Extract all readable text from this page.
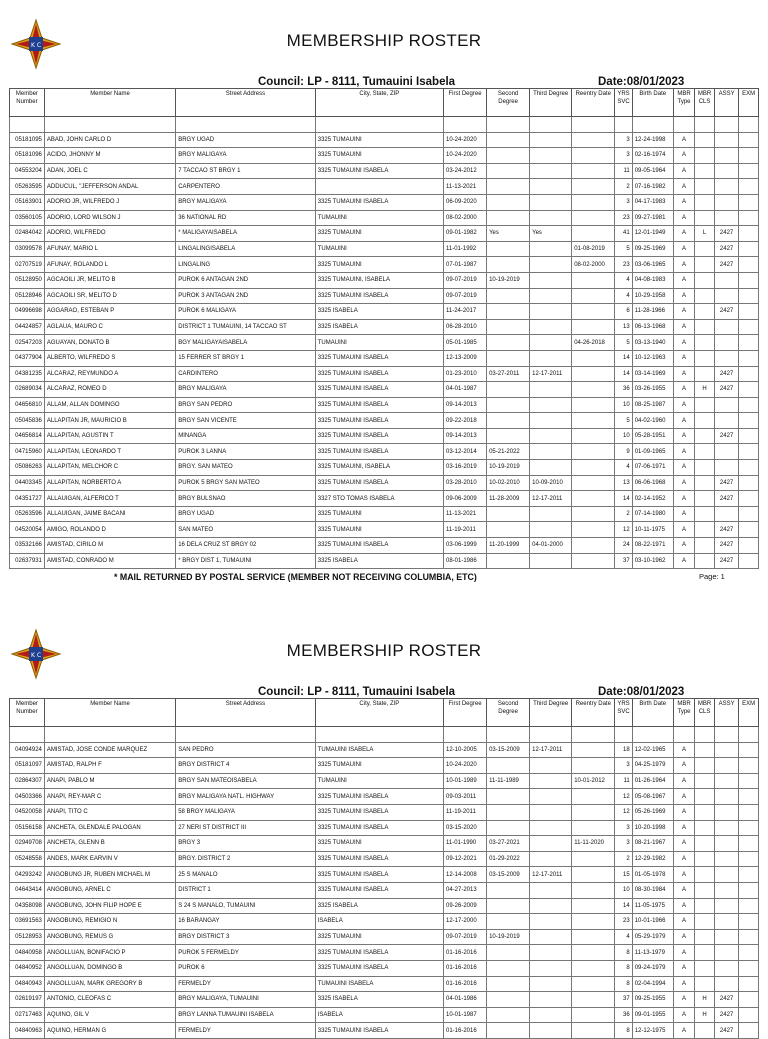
K C	MEMBERSHIP ROSTER
Council: LP - 8111, Tumauini Isabela	Date:08/01/2023
Member Number	Member Name	Street Address	City, State, ZIP	First Degree	Second Degree	Third Degree	Reentry Date	YRS SVC	Birth Date	MBR Type	MBR CLS	ASSY	EXM

05181095	ABAD, JOHN CARLO D	BRGY UGAD	3325 TUMAUINI	10-24-2020				3	12-24-1998	A			
05181096	ACIDO, JHONNY M	BRGY MALIGAYA	3325 TUMAUINI	10-24-2020				3	02-16-1974	A			
04553204	ADAN, JOEL C	7 TACCAO ST BRGY 1	3325 TUMAUINI ISABELA	03-24-2012				11	09-05-1964	A			
05263595	ADDUCUL, "JEFFERSON ANDAL	CARPENTERO		11-13-2021				2	07-16-1982	A			
05163901	ADORIO JR, WILFREDO J	BRGY MALIGAYA	3325 TUMAUINI ISABELA	06-09-2020				3	04-17-1983	A			
03560105	ADORIO, LORD WILSON J	36 NATIONAL RD	TUMAUINI	08-02-2000				23	09-27-1981	A			
02484042	ADORIO, WILFREDO	* MALIGAYAISABELA	3325 TUMAUINI	09-01-1982	Yes	Yes		41	12-01-1949	A	L	2427	
03099578	AFUNAY, MARIO L	LINGALINGISABELA	TUMAUINI	11-01-1992			01-08-2019	5	09-25-1969	A		2427	
02707519	AFUNAY, ROLANDO L	LINGALING	3325 TUMAUINI	07-01-1987			08-02-2000	23	03-06-1965	A		2427	
05128950	AGCAOILI JR, MELITO B	PUROK 6 ANTAGAN 2ND	3325 TUMAUINI, ISABELA	09-07-2019	10-19-2019			4	04-08-1983	A			
05128946	AGCAOILI SR, MELITO D	PUROK 3 ANTAGAN 2ND	3325 TUMAUINI ISABELA	09-07-2019				4	10-29-1958	A			
04996698	AGGARAO, ESTEBAN P	PUROK 6 MALIGAYA	3325 ISABELA	11-24-2017				6	11-28-1966	A		2427	
04424857	AGLAUA, MAURO C	DISTRICT 1 TUMAUINI, 14 TACCAO ST	3325 ISABELA	06-28-2010				13	06-13-1968	A			
02547203	AGUAYAN, DONATO B	BGY MALIGAYAISABELA	TUMAUINI	05-01-1985			04-26-2018	5	03-13-1940	A			
04377904	ALBERTO, WILFREDO S	15 FERRER ST BRGY 1	3325 TUMAUINI ISABELA	12-13-2009				14	10-12-1963	A			
04381235	ALCARAZ, REYMUNDO A	CARDINTERO	3325 TUMAUINI ISABELA	01-23-2010	03-27-2011	12-17-2011		14	03-14-1969	A		2427	
02689034	ALCARAZ, ROMEO D	BRGY MALIGAYA	3325 TUMAUINI ISABELA	04-01-1987				36	03-26-1955	A	H	2427	
04656810	ALLAM, ALLAN DOMINGO	BRGY SAN PEDRO	3325 TUMAUINI ISABELA	09-14-2013				10	08-25-1987	A			
05045836	ALLAPITAN JR, MAURICIO B	BRGY SAN VICENTE	3325 TUMAUINI ISABELA	09-22-2018				5	04-02-1960	A			
04656814	ALLAPITAN, AGUSTIN T	MINANGA	3325 TUMAUINI ISABELA	09-14-2013				10	05-28-1951	A		2427	
04715960	ALLAPITAN, LEONARDO T	PUROK 3 LANNA	3325 TUMAUINI ISABELA	03-12-2014	05-21-2022			9	01-09-1965	A			
05086263	ALLAPITAN, MELCHOR C	BRGY. SAN MATEO	3325 TUMAUINI, ISABELA	03-16-2019	10-19-2019			4	07-06-1971	A			
04403345	ALLAPITAN, NORBERTO A	PUROK 5 BRGY SAN MATEO	3325 TUMAUINI ISABELA	03-28-2010	10-02-2010	10-09-2010		13	06-06-1968	A		2427	
04351727	ALLAUIGAN, ALFERICO T	BRGY BULSNAO	3327 STO TOMAS ISABELA	09-06-2009	11-28-2009	12-17-2011		14	02-14-1952	A		2427	
05263596	ALLAUIGAN, JAIME BACANI	BRGY UGAD	3325 TUMAUINI	11-13-2021				2	07-14-1980	A			
04520054	AMIGO, ROLANDO D	SAN MATEO	3325 TUMAUINI	11-19-2011				12	10-11-1975	A		2427	
03532166	AMISTAD, CIRILO M	16 DELA CRUZ ST BRGY 02	3325 TUMAUINI ISABELA	03-06-1999	11-20-1999	04-01-2000		24	08-22-1971	A		2427	
02637931	AMISTAD, CONRADO M	* BRGY DIST 1, TUMAUINI	3325 ISABELA	08-01-1986				37	03-10-1962	A		2427	
* MAIL RETURNED BY POSTAL SERVICE (MEMBER NOT RECEIVING COLUMBIA, ETC)	Page: 1
K C	MEMBERSHIP ROSTER
Council: LP - 8111, Tumauini Isabela	Date:08/01/2023
Member Number	Member Name	Street Address	City, State, ZIP	First Degree	Second Degree	Third Degree	Reentry Date	YRS SVC	Birth Date	MBR Type	MBR CLS	ASSY	EXM

04094924	AMISTAD, JOSE CONDE MARQUEZ	SAN PEDRO	TUMAUINI ISABELA	12-10-2005	03-15-2009	12-17-2011		18	12-02-1965	A			
05181097	AMISTAD, RALPH F	BRGY DISTRICT 4	3325 TUMAUINI	10-24-2020				3	04-25-1979	A			
02864307	ANAPI, PABLO M	BRGY SAN MATEOISABELA	TUMAUINI	10-01-1989	11-11-1989		10-01-2012	11	01-26-1964	A			
04503366	ANAPI, REY-MAR C	BRGY MALIGAYA NATL. HIGHWAY	3325 TUMAUINI ISABELA	09-03-2011				12	05-08-1967	A			
04520058	ANAPI, TITO C	58 BRGY MALIGAYA	3325 TUMAUINI ISABELA	11-19-2011				12	05-26-1969	A			
05156158	ANCHETA, GLENDALE PALOGAN	27 NERI ST DISTRICT III	3325 TUMAUINI ISABELA	03-15-2020				3	10-20-1998	A			
02949708	ANCHETA, GLENN B	BRGY 3	3325 TUMAUINI	11-01-1990	03-27-2021		11-11-2020	3	08-21-1967	A			
05248558	ANDES, MARK EARVIN V	BRGY. DISTRICT 2	3325 TUMAUINI ISABELA	09-12-2021	01-29-2022			2	12-29-1982	A			
04293242	ANGOBUNG JR, RUBEN MICHAEL M	25 S MANALO	3325 TUMAUINI ISABELA	12-14-2008	03-15-2009	12-17-2011		15	01-05-1978	A			
04643414	ANGOBUNG, ARNEL C	DISTRICT 1	3325 TUMAUINI ISABELA	04-27-2013				10	08-30-1984	A			
04358098	ANGOBUNG, JOHN FILIP HOPE E	S 24 S MANALO, TUMAUINI	3325 ISABELA	09-26-2009				14	11-05-1975	A			
03691563	ANGOBUNG, REMIGIO N	16 BARANGAY	ISABELA	12-17-2000				23	10-01-1966	A			
05128953	ANGOBUNG, REMUS G	BRGY DISTRICT 3	3325 TUMAUINI	09-07-2019	10-19-2019			4	05-29-1979	A			
04840958	ANGOLLUAN, BONIFACIO P	PUROK 5 FERMELDY	3325 TUMAUINI ISABELA	01-16-2016				8	11-13-1979	A			
04840952	ANGOLLUAN, DOMINGO B	PUROK 6	3325 TUMAUINI ISABELA	01-16-2016				8	09-24-1979	A			
04840943	ANGOLLUAN, MARK GREGORY B	FERMELDY	TUMAUINI ISABELA	01-16-2016				8	02-04-1994	A			
02619197	ANTONIO, CLEOFAS C	BRGY MALIGAYA, TUMAUINI	3325 ISABELA	04-01-1986				37	09-25-1955	A	H	2427	
02717463	AQUINO, GIL V	BRGY LANNA TUMAUINI ISABELA	ISABELA	10-01-1987				36	09-01-1955	A	H	2427	
04840963	AQUINO, HERMAN G	FERMELDY	3325 TUMAUINI ISABELA	01-16-2016				8	12-12-1975	A		2427	
